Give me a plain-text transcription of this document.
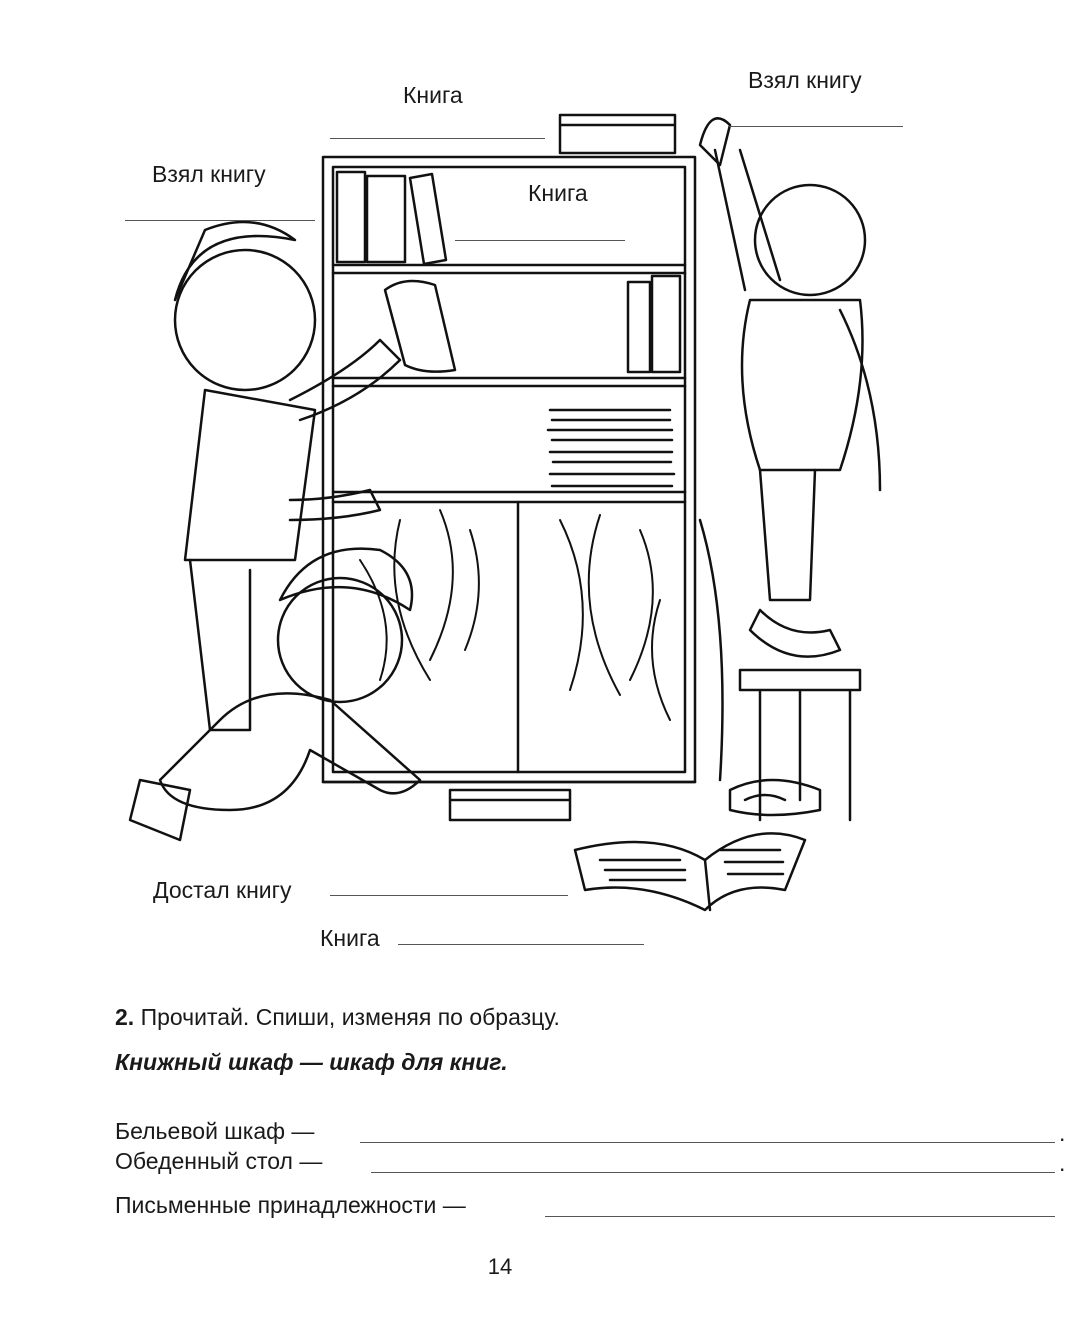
Книга
Взял книгу
Взял книгу
Книга
Достал книгу
Книга
2. Прочитай. Спиши, изменяя по образцу.
Книжный шкаф — шкаф для книг.
Бельевой шкаф —	.
Обеденный стол —	.
Письменные принадлежности —
14
